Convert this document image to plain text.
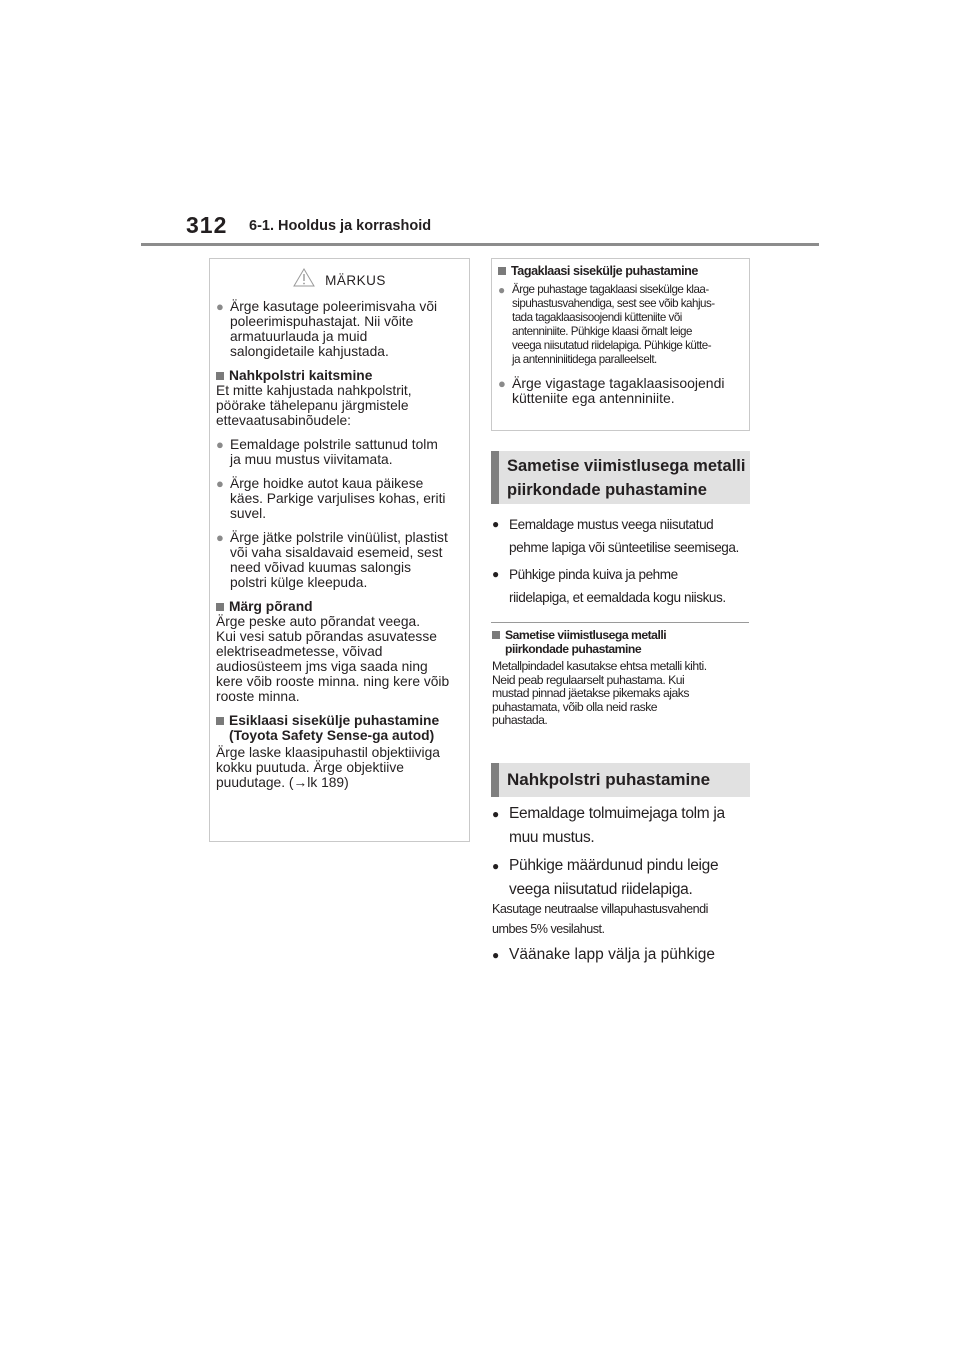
312 6-1. Hooldus ja korrashoid
MÄRKUS
● Ärge kasutage poleerimisvaha või
poleerimispuhastajat. Nii võite
armatuurlauda ja muid
salongidetaile kahjustada.
Nahkpolstri kaitsmine
Et mitte kahjustada nahkpolstrit,
pöörake tähelepanu järgmistele
ettevaatusabinõudele:
● Eemaldage polstrile sattunud tolm
ja muu mustus viivitamata.
● Ärge hoidke autot kaua päikese
käes. Parkige varjulises kohas, eriti
suvel.
● Ärge jätke polstrile vinüülist, plastist
või vaha sisaldavaid esemeid, sest
need võivad kuumas salongis
polstri külge kleepuda.
Märg põrand
Ärge peske auto põrandat veega.
Kui vesi satub põrandas asuvatesse
elektriseadmetesse, võivad
audiosüsteem jms viga saada ning
kere võib rooste minna. ning kere võib
rooste minna.
Esiklaasi sisekülje puhastamine
(Toyota Safety Sense-ga autod)
Ärge laske klaasipuhastil objektiiviga
kokku puutuda. Ärge objektiive
puudutage. (→lk 189)
Tagaklaasi sisekülje puhastamine
● Ärge puhastage tagaklaasi sisekülge klaa-
sipuhastusvahendiga, sest see võib kahjus-
tada tagaklaasisoojendi kütteniite või
antenniniite. Pühkige klaasi õrnalt leige
veega niisutatud riidelapiga. Pühkige kütte-
ja antenniniitidega paralleelselt.
● Ärge vigastage tagaklaasisoojendi
kütteniite ega antenniniite.
Sametise viimistlusega metalli
piirkondade puhastamine
● Eemaldage mustus veega niisutatud
pehme lapiga või sünteetilise seemisega.
● Pühkige pinda kuiva ja pehme
riidelapiga, et eemaldada kogu niiskus.
Sametise viimistlusega metalli
piirkondade puhastamine
Metallpindadel kasutakse ehtsa metalli kihti.
Neid peab regulaarselt puhastama. Kui
mustad pinnad jäetakse pikemaks ajaks
puhastamata, võib olla neid raske
puhastada.
Nahkpolstri puhastamine
● Eemaldage tolmuimejaga tolm ja
muu mustus.
● Pühkige määrdunud pindu leige
veega niisutatud riidelapiga.
Kasutage neutraalse villapuhastusvahendi
umbes 5% vesilahust.
● Väänake lapp välja ja pühkige
